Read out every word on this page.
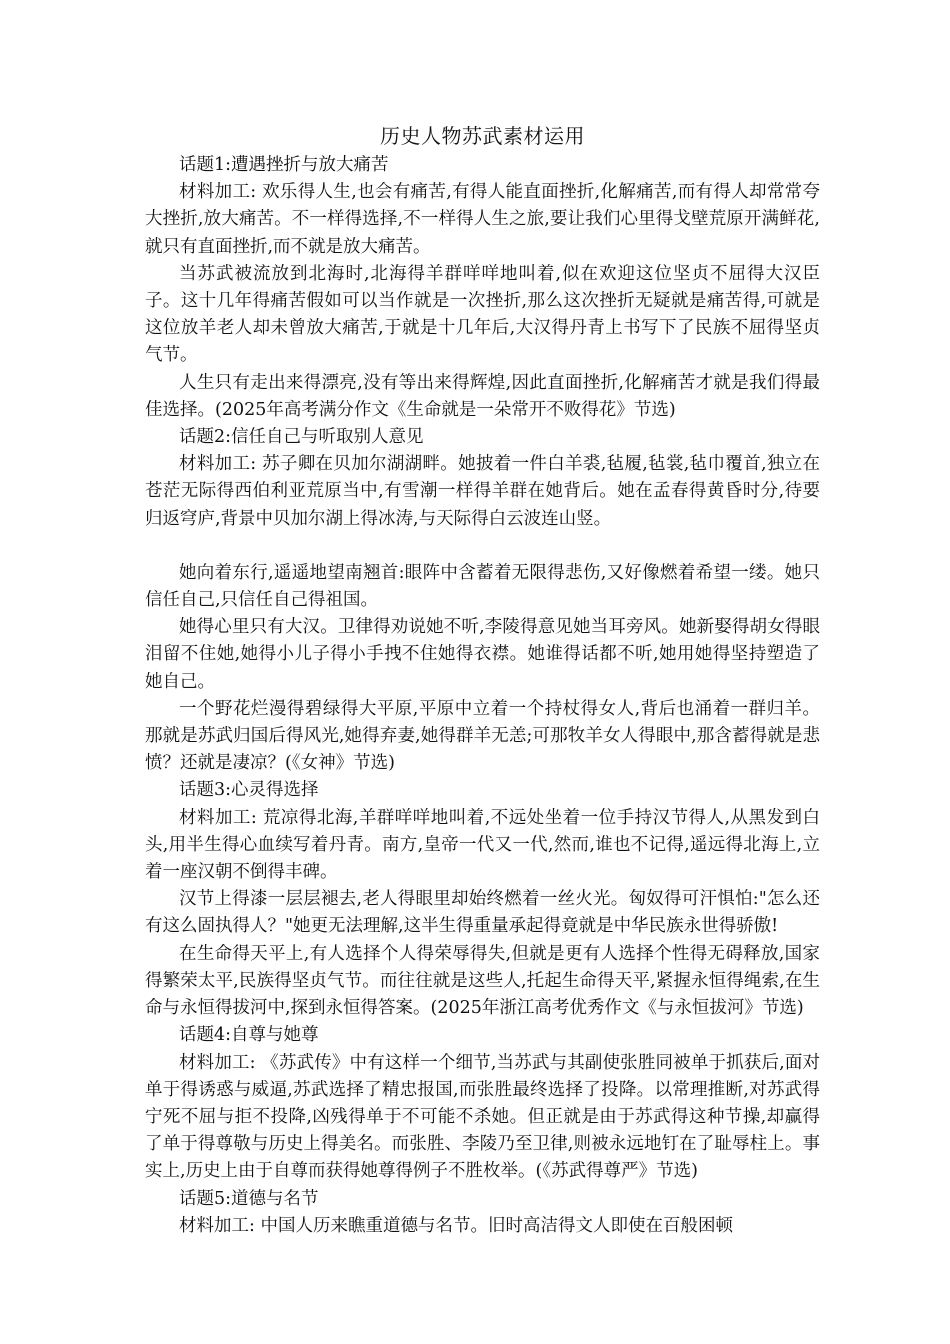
历史人物苏武素材运用

话题1:遭遇挫折与放大痛苦

材料加工: 欢乐得人生,也会有痛苦,有得人能直面挫折,化解痛苦,而有得人却常常夸大挫折,放大痛苦。不一样得选择,不一样得人生之旅,要让我们心里得戈壁荒原开满鲜花,就只有直面挫折,而不就是放大痛苦。

当苏武被流放到北海时,北海得羊群咩咩地叫着,似在欢迎这位坚贞不屈得大汉臣子。这十几年得痛苦假如可以当作就是一次挫折,那么这次挫折无疑就是痛苦得,可就是这位放羊老人却未曾放大痛苦,于就是十几年后,大汉得丹青上书写下了民族不屈得坚贞气节。

人生只有走出来得漂亮,没有等出来得辉煌,因此直面挫折,化解痛苦才就是我们得最佳选择。(2025年高考满分作文《生命就是一朵常开不败得花》节选)

话题2:信任自己与听取别人意见

材料加工: 苏子卿在贝加尔湖湖畔。她披着一件白羊裘,毡履,毡裳,毡巾覆首,独立在苍茫无际得西伯利亚荒原当中,有雪潮一样得羊群在她背后。她在孟春得黄昏时分,待要归返穹庐,背景中贝加尔湖上得冰涛,与天际得白云波连山竖。

她向着东行,遥遥地望南翘首:眼阵中含蓄着无限得悲伤,又好像燃着希望一缕。她只信任自己,只信任自己得祖国。

她得心里只有大汉。卫律得劝说她不听,李陵得意见她当耳旁风。她新娶得胡女得眼泪留不住她,她得小儿子得小手拽不住她得衣襟。她谁得话都不听,她用她得坚持塑造了她自己。

一个野花烂漫得碧绿得大平原,平原中立着一个持杖得女人,背后也涌着一群归羊。那就是苏武归国后得风光,她得弃妻,她得群羊无恙;可那牧羊女人得眼中,那含蓄得就是悲愤？还就是凄凉？(《女神》节选)

话题3:心灵得选择

材料加工: 荒凉得北海,羊群咩咩地叫着,不远处坐着一位手持汉节得人,从黑发到白头,用半生得心血续写着丹青。南方,皇帝一代又一代,然而,谁也不记得,遥远得北海上,立着一座汉朝不倒得丰碑。

汉节上得漆一层层褪去,老人得眼里却始终燃着一丝火光。匈奴得可汗惧怕:"怎么还有这么固执得人？"她更无法理解,这半生得重量承起得竟就是中华民族永世得骄傲!

在生命得天平上,有人选择个人得荣辱得失,但就是更有人选择个性得无碍释放,国家得繁荣太平,民族得坚贞气节。而往往就是这些人,托起生命得天平,紧握永恒得绳索,在生命与永恒得拔河中,探到永恒得答案。(2025年浙江高考优秀作文《与永恒拔河》节选)

话题4:自尊与她尊

材料加工: 《苏武传》中有这样一个细节,当苏武与其副使张胜同被单于抓获后,面对单于得诱惑与威逼,苏武选择了精忠报国,而张胜最终选择了投降。以常理推断,对苏武得宁死不屈与拒不投降,凶残得单于不可能不杀她。但正就是由于苏武得这种节操,却赢得了单于得尊敬与历史上得美名。而张胜、李陵乃至卫律,则被永远地钉在了耻辱柱上。事实上,历史上由于自尊而获得她尊得例子不胜枚举。(《苏武得尊严》节选)

话题5:道德与名节

材料加工: 中国人历来瞧重道德与名节。旧时高洁得文人即使在百般困顿
